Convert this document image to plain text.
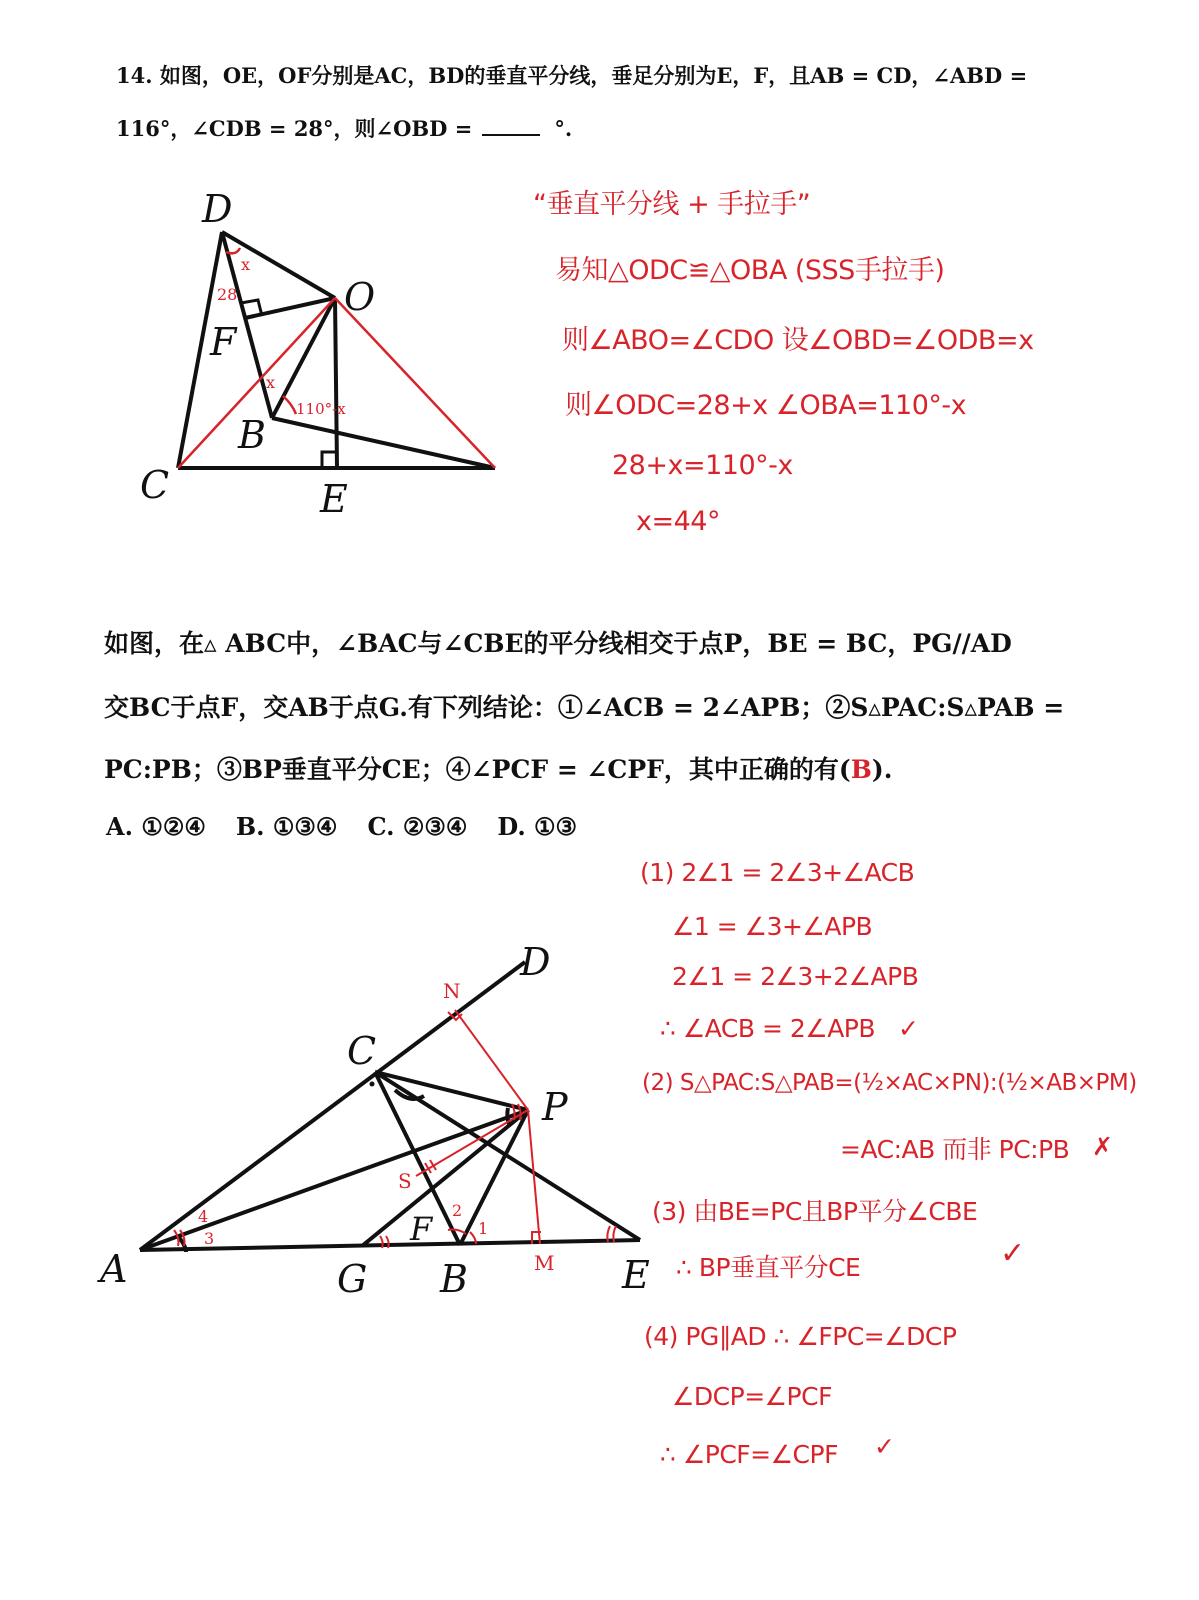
14. 如图，OE，OF分别是AC，BD的垂直平分线，垂足分别为E，F，且AB = CD，∠ABD =
116°，∠CDB = 28°，则∠OBD =	°.
D
O
F
B
C	E
x
28
x
110°-x
“垂直平分线 + 手拉手”
易知△ODC≌△OBA (SSS手拉手)
则∠ABO=∠CDO 设∠OBD=∠ODB=x
则∠ODC=28+x ∠OBA=110°-x
28+x=110°-x
x=44°
如图，在▵ ABC中，∠BAC与∠CBE的平分线相交于点P，BE = BC，PG//AD
交BC于点F，交AB于点G.有下列结论：①∠ACB = 2∠APB；②S▵PAC:S▵PAB =
PC:PB；③BP垂直平分CE；④∠PCF = ∠CPF，其中正确的有(B).
A. ①②④ B. ①③④ C. ②③④ D. ①③
A	G B	E
C
D
P
F
N
S
M
1
2
3
4
(1) 2∠1 = 2∠3+∠ACB
∠1 = ∠3+∠APB
2∠1 = 2∠3+2∠APB
∴ ∠ACB = 2∠APB ✓
(2) S△PAC:S△PAB=(½×AC×PN):(½×AB×PM)
=AC:AB 而非 PC:PB ✗
(3) 由BE=PC且BP平分∠CBE
∴ BP垂直平分CE	✓
(4) PG∥AD ∴ ∠FPC=∠DCP
∠DCP=∠PCF
∴ ∠PCF=∠CPF ✓
